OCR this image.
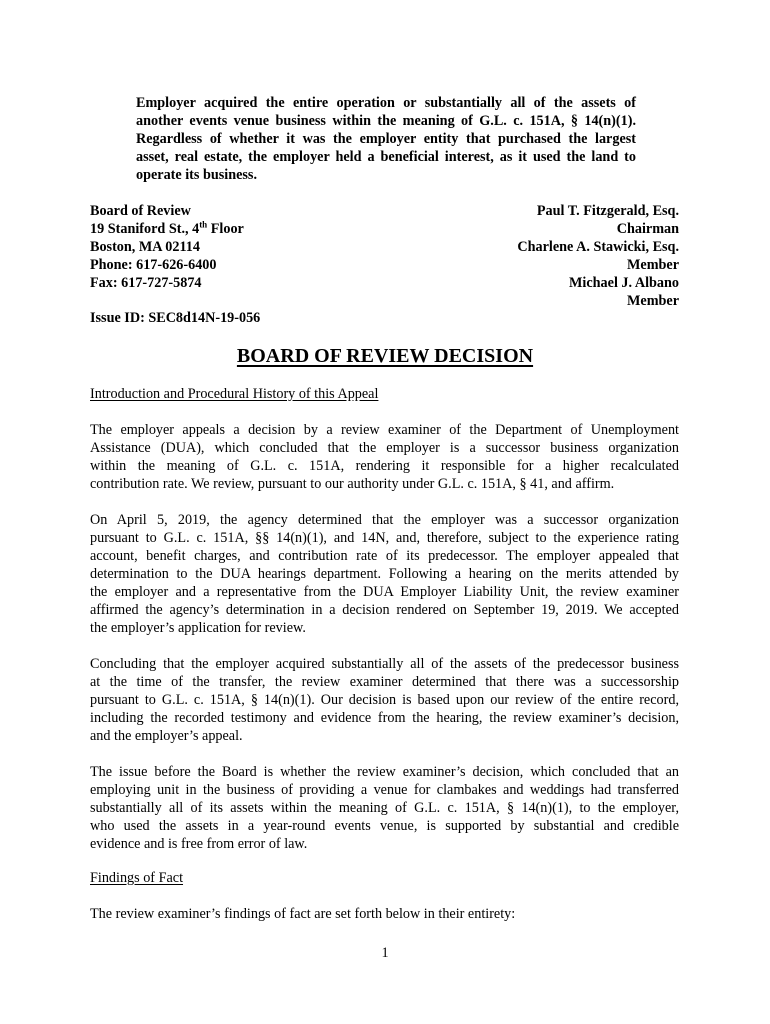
Employer acquired the entire operation or substantially all of the assets of
another events venue business within the meaning of G.L. c. 151A, § 14(n)(1).
Regardless of whether it was the employer entity that purchased the largest
asset, real estate, the employer held a beneficial interest, as it used the land to
operate its business.
Board of Review
19 Staniford St., 4th Floor
Boston, MA 02114
Phone: 617-626-6400
Fax: 617-727-5874
Paul T. Fitzgerald, Esq.
Chairman
Charlene A. Stawicki, Esq.
Member
Michael J. Albano
Member
Issue ID: SEC8d14N-19-056
BOARD OF REVIEW DECISION
Introduction and Procedural History of this Appeal
The employer appeals a decision by a review examiner of the Department of Unemployment
Assistance (DUA), which concluded that the employer is a successor business organization
within the meaning of G.L. c. 151A, rendering it responsible for a higher recalculated
contribution rate. We review, pursuant to our authority under G.L. c. 151A, § 41, and affirm.
On April 5, 2019, the agency determined that the employer was a successor organization
pursuant to G.L. c. 151A, §§ 14(n)(1), and 14N, and, therefore, subject to the experience rating
account, benefit charges, and contribution rate of its predecessor. The employer appealed that
determination to the DUA hearings department. Following a hearing on the merits attended by
the employer and a representative from the DUA Employer Liability Unit, the review examiner
affirmed the agency’s determination in a decision rendered on September 19, 2019. We accepted
the employer’s application for review.
Concluding that the employer acquired substantially all of the assets of the predecessor business
at the time of the transfer, the review examiner determined that there was a successorship
pursuant to G.L. c. 151A, § 14(n)(1). Our decision is based upon our review of the entire record,
including the recorded testimony and evidence from the hearing, the review examiner’s decision,
and the employer’s appeal.
The issue before the Board is whether the review examiner’s decision, which concluded that an
employing unit in the business of providing a venue for clambakes and weddings had transferred
substantially all of its assets within the meaning of G.L. c. 151A, § 14(n)(1), to the employer,
who used the assets in a year-round events venue, is supported by substantial and credible
evidence and is free from error of law.
Findings of Fact
The review examiner’s findings of fact are set forth below in their entirety:
1
